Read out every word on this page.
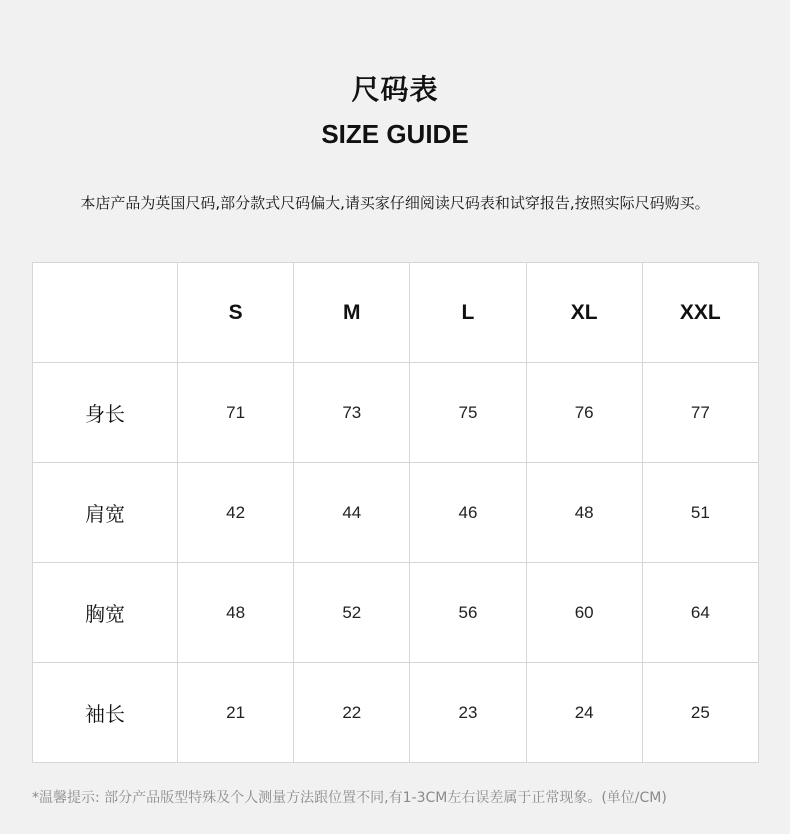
尺码表
SIZE GUIDE
本店产品为英国尺码,部分款式尺码偏大,请买家仔细阅读尺码表和试穿报告,按照实际尺码购买。
	S	M	L	XL	XXL
身长	71	73	75	76	77
肩宽	42	44	46	48	51
胸宽	48	52	56	60	64
袖长	21	22	23	24	25
*温馨提示: 部分产品版型特殊及个人测量方法跟位置不同,有1-3CM左右误差属于正常现象。(单位/CM)
